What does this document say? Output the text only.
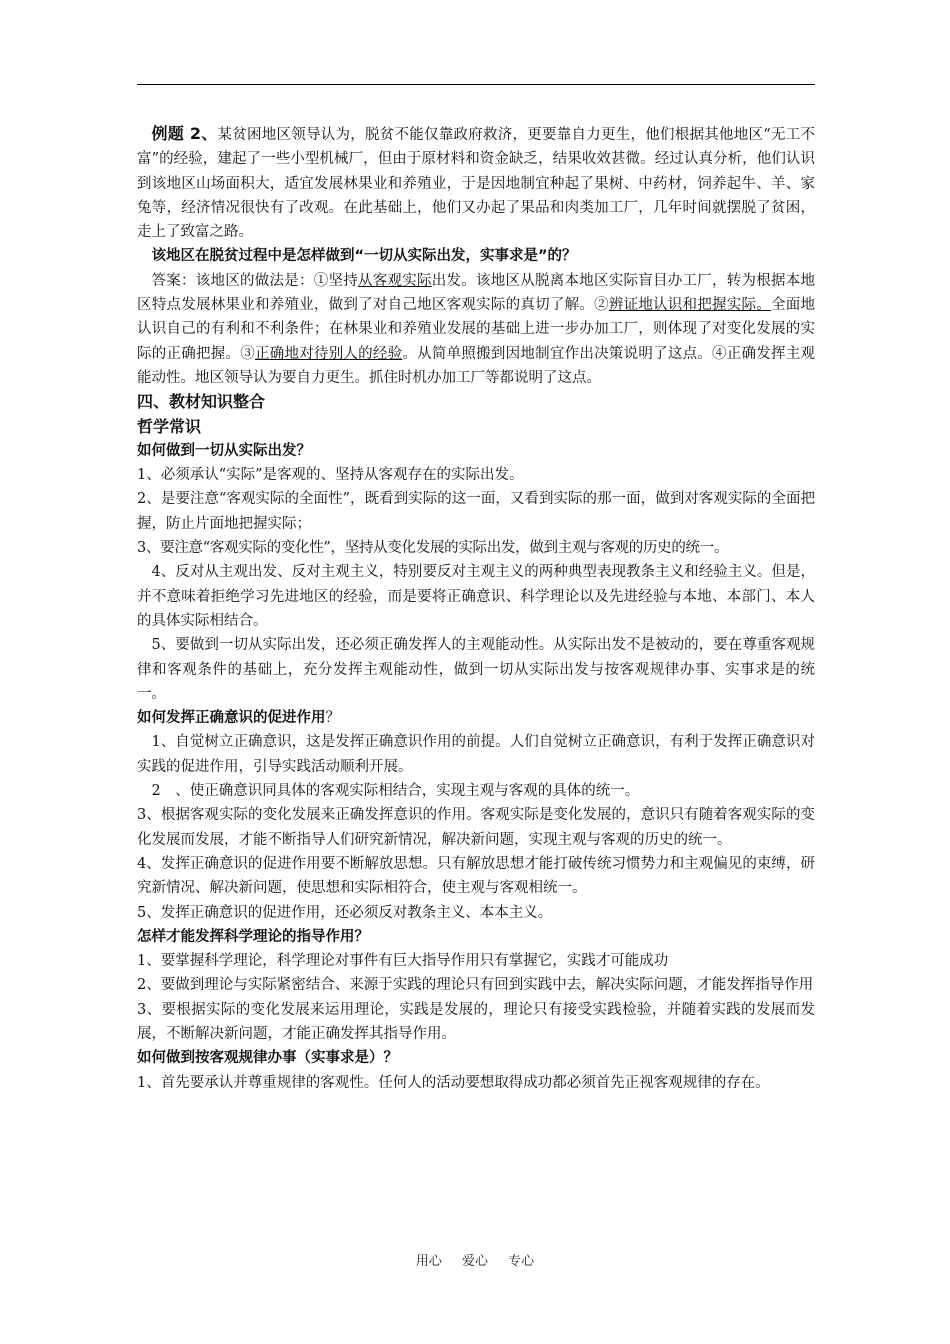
例题 2、某贫困地区领导认为，脱贫不能仅靠政府救济，更要靠自力更生，他们根据其他地区“无工不富”的经验，建起了一些小型机械厂，但由于原材料和资金缺乏，结果收效甚微。经过认真分析，他们认识到该地区山场面积大，适宜发展林果业和养殖业，于是因地制宜种起了果树、中药材，饲养起牛、羊、家兔等，经济情况很快有了改观。在此基础上，他们又办起了果品和肉类加工厂，几年时间就摆脱了贫困，走上了致富之路。

该地区在脱贫过程中是怎样做到“一切从实际出发，实事求是”的？

答案：该地区的做法是：①坚持从客观实际出发。该地区从脱离本地区实际盲目办工厂，转为根据本地区特点发展林果业和养殖业，做到了对自己地区客观实际的真切了解。②辨证地认识和把握实际。全面地认识自己的有利和不利条件；在林果业和养殖业发展的基础上进一步办加工厂，则体现了对变化发展的实际的正确把握。③正确地对待别人的经验。从简单照搬到因地制宜作出决策说明了这点。④正确发挥主观能动性。地区领导认为要自力更生。抓住时机办加工厂等都说明了这点。

四、教材知识整合

哲学常识

如何做到一切从实际出发？

1、必须承认“实际”是客观的、坚持从客观存在的实际出发。

2、是要注意“客观实际的全面性”，既看到实际的这一面，又看到实际的那一面，做到对客观实际的全面把握，防止片面地把握实际；

3、要注意“客观实际的变化性”，坚持从变化发展的实际出发，做到主观与客观的历史的统一。

4、反对从主观出发、反对主观主义，特别要反对主观主义的两种典型表现教条主义和经验主义。但是，并不意味着拒绝学习先进地区的经验，而是要将正确意识、科学理论以及先进经验与本地、本部门、本人的具体实际相结合。

5、要做到一切从实际出发，还必须正确发挥人的主观能动性。从实际出发不是被动的，要在尊重客观规律和客观条件的基础上，充分发挥主观能动性，做到一切从实际出发与按客观规律办事、实事求是的统一。

如何发挥正确意识的促进作用？

1、自觉树立正确意识，这是发挥正确意识作用的前提。人们自觉树立正确意识，有利于发挥正确意识对实践的促进作用，引导实践活动顺利开展。

2　、使正确意识同具体的客观实际相结合，实现主观与客观的具体的统一。

3、根据客观实际的变化发展来正确发挥意识的作用。客观实际是变化发展的，意识只有随着客观实际的变化发展而发展，才能不断指导人们研究新情况，解决新问题，实现主观与客观的历史的统一。

4、发挥正确意识的促进作用要不断解放思想。只有解放思想才能打破传统习惯势力和主观偏见的束缚，研究新情况、解决新问题，使思想和实际相符合，使主观与客观相统一。

5、发挥正确意识的促进作用，还必须反对教条主义、本本主义。

怎样才能发挥科学理论的指导作用？

1、要掌握科学理论，科学理论对事件有巨大指导作用只有掌握它，实践才可能成功

2、要做到理论与实际紧密结合、来源于实践的理论只有回到实践中去，解决实际问题，才能发挥指导作用

3、要根据实际的变化发展来运用理论，实践是发展的，理论只有接受实践检验，并随着实践的发展而发展，不断解决新问题，才能正确发挥其指导作用。

如何做到按客观规律办事（实事求是）？

1、首先要承认并尊重规律的客观性。任何人的活动要想取得成功都必须首先正视客观规律的存在。

用心 爱心 专心
